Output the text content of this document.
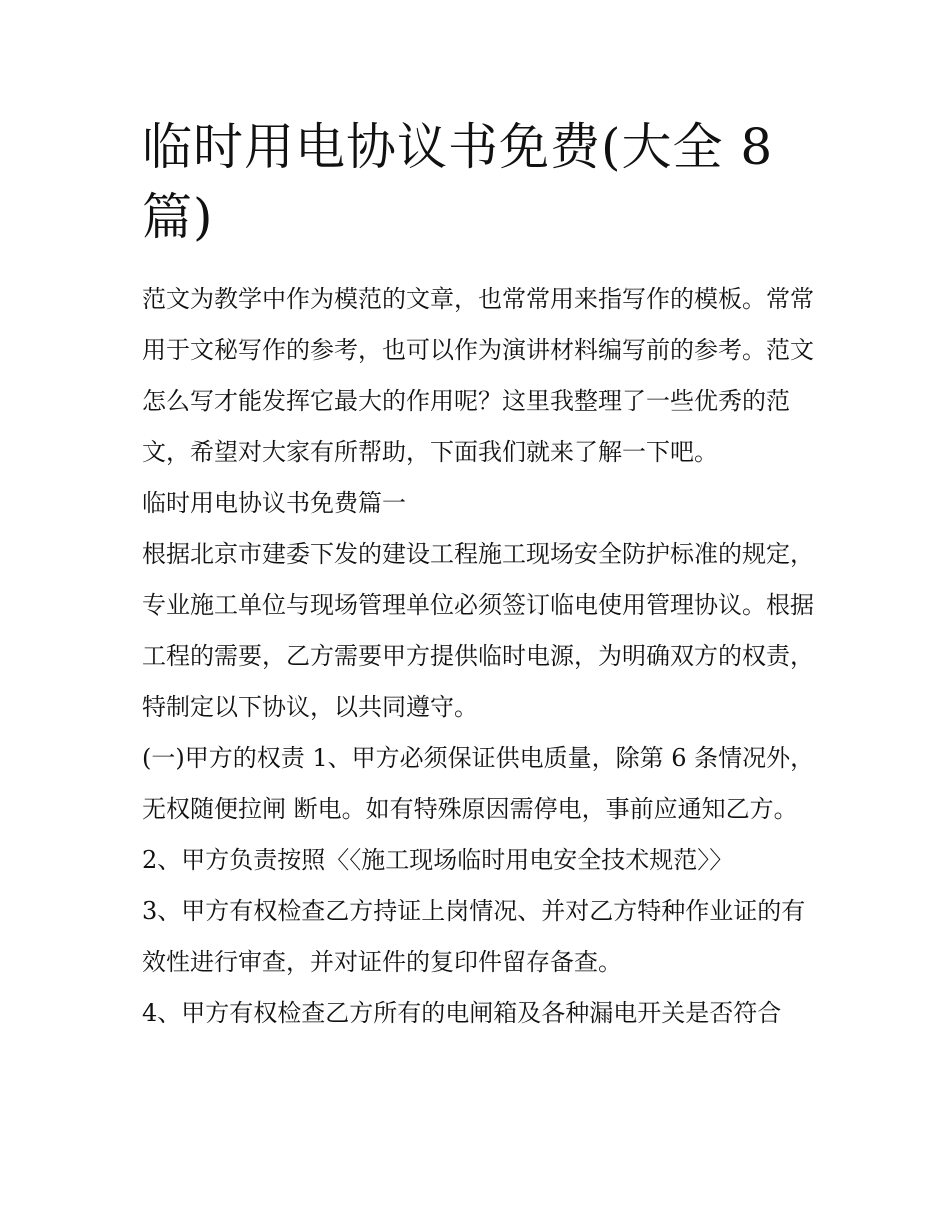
临时用电协议书免费(大全 8 篇)

范文为教学中作为模范的文章，也常常用来指写作的模板。常常用于文秘写作的参考，也可以作为演讲材料编写前的参考。范文怎么写才能发挥它最大的作用呢？这里我整理了一些优秀的范文，希望对大家有所帮助，下面我们就来了解一下吧。

临时用电协议书免费篇一

根据北京市建委下发的建设工程施工现场安全防护标准的规定，专业施工单位与现场管理单位必须签订临电使用管理协议。根据工程的需要，乙方需要甲方提供临时电源，为明确双方的权责，特制定以下协议，以共同遵守。

(一)甲方的权责 1、甲方必须保证供电质量，除第 6 条情况外，无权随便拉闸 断电。如有特殊原因需停电，事前应通知乙方。

2、甲方负责按照〈〈施工现场临时用电安全技术规范〉〉

3、甲方有权检查乙方持证上岗情况、并对乙方特种作业证的有效性进行审查，并对证件的复印件留存备查。

4、甲方有权检查乙方所有的电闸箱及各种漏电开关是否符合
